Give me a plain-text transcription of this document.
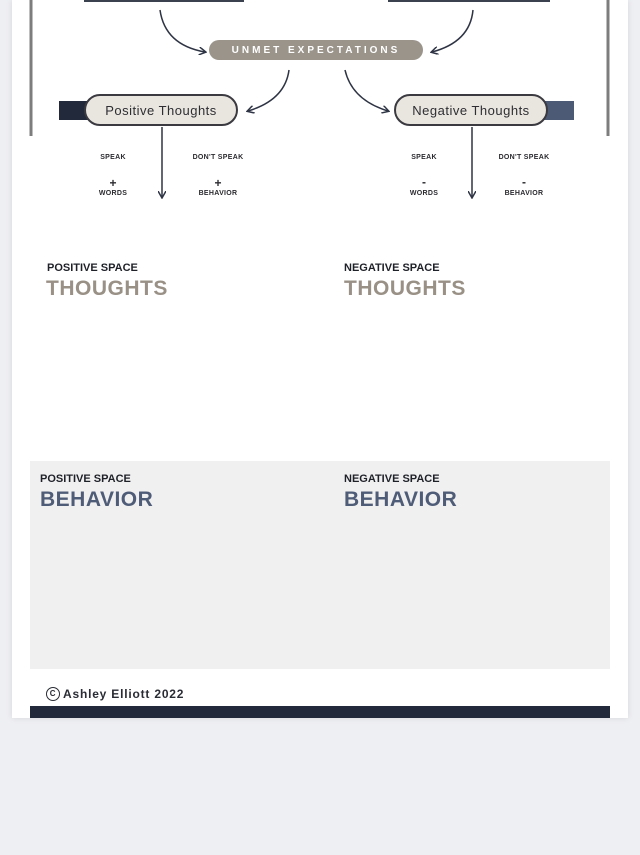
UNMET EXPECTATIONS
Positive Thoughts	Negative Thoughts
SPEAK	DON'T SPEAK
+	+
WORDS	BEHAVIOR
SPEAK	DON'T SPEAK
-	-
WORDS	BEHAVIOR
POSITIVE SPACE
THOUGHTS
NEGATIVE SPACE
THOUGHTS
POSITIVE SPACE
BEHAVIOR
NEGATIVE SPACE
BEHAVIOR
C Ashley Elliott 2022
